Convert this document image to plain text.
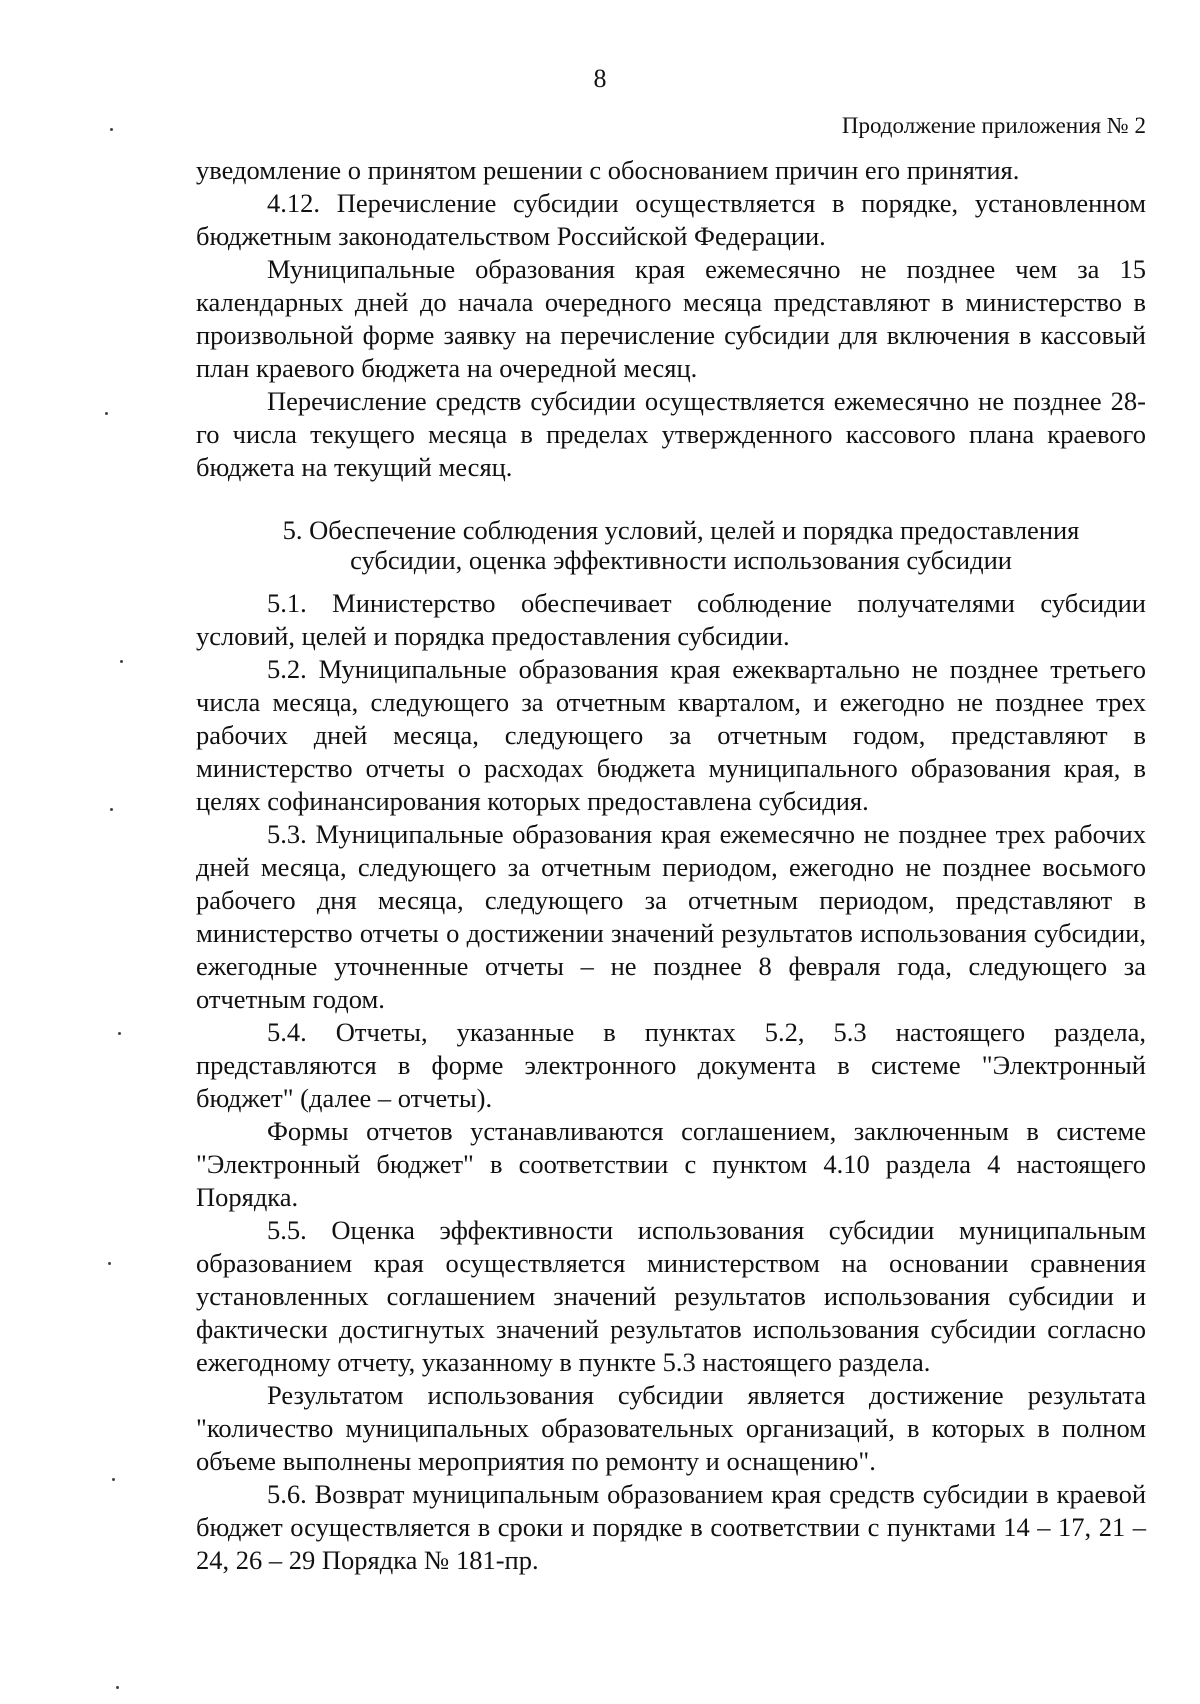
8
Продолжение приложения № 2

уведомление о принятом решении с обоснованием причин его принятия.

4.12. Перечисление субсидии осуществляется в порядке, установленном бюджетным законодательством Российской Федерации.

Муниципальные образования края ежемесячно не позднее чем за 15 календарных дней до начала очередного месяца представляют в министерство в произвольной форме заявку на перечисление субсидии для включения в кассовый план краевого бюджета на очередной месяц.

Перечисление средств субсидии осуществляется ежемесячно не позднее 28-го числа текущего месяца в пределах утвержденного кассового плана краевого бюджета на текущий месяц.

5. Обеспечение соблюдения условий, целей и порядка предоставления
субсидии, оценка эффективности использования субсидии

5.1. Министерство обеспечивает соблюдение получателями субсидии условий, целей и порядка предоставления субсидии.

5.2. Муниципальные образования края ежеквартально не позднее третьего числа месяца, следующего за отчетным кварталом, и ежегодно не позднее трех рабочих дней месяца, следующего за отчетным годом, представляют в министерство отчеты о расходах бюджета муниципального образования края, в целях софинансирования которых предоставлена субсидия.

5.3. Муниципальные образования края ежемесячно не позднее трех рабочих дней месяца, следующего за отчетным периодом, ежегодно не позднее восьмого рабочего дня месяца, следующего за отчетным периодом, представляют в министерство отчеты о достижении значений результатов использования субсидии, ежегодные уточненные отчеты – не позднее 8 февраля года, следующего за отчетным годом.

5.4. Отчеты, указанные в пунктах 5.2, 5.3 настоящего раздела, представляются в форме электронного документа в системе "Электронный бюджет" (далее – отчеты).

Формы отчетов устанавливаются соглашением, заключенным в системе "Электронный бюджет" в соответствии с пунктом 4.10 раздела 4 настоящего Порядка.

5.5. Оценка эффективности использования субсидии муниципальным образованием края осуществляется министерством на основании сравнения установленных соглашением значений результатов использования субсидии и фактически достигнутых значений результатов использования субсидии согласно ежегодному отчету, указанному в пункте 5.3 настоящего раздела.

Результатом использования субсидии является достижение результата "количество муниципальных образовательных организаций, в которых в полном объеме выполнены мероприятия по ремонту и оснащению".

5.6. Возврат муниципальным образованием края средств субсидии в краевой бюджет осуществляется в сроки и порядке в соответствии с пунктами 14 – 17, 21 – 24, 26 – 29 Порядка № 181-пр.
